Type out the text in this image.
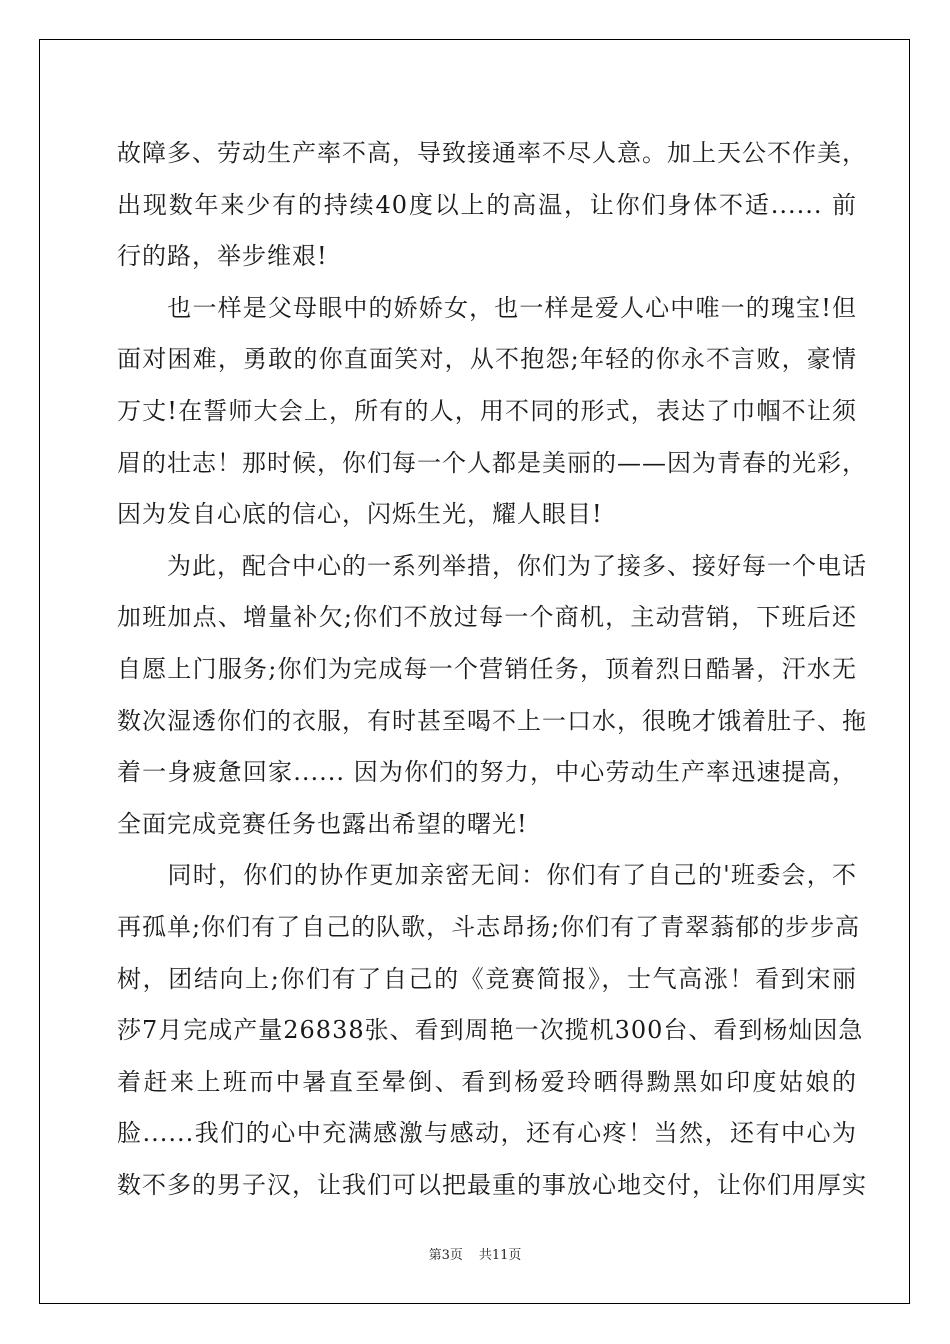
故障多、劳动生产率不高，导致接通率不尽人意。加上天公不作美，
出现数年来少有的持续40度以上的高温，让你们身体不适...... 前
行的路，举步维艰!
　　也一样是父母眼中的娇娇女，也一样是爱人心中唯一的瑰宝!但
面对困难，勇敢的你直面笑对，从不抱怨;年轻的你永不言败，豪情
万丈!在誓师大会上，所有的人，用不同的形式，表达了巾帼不让须
眉的壮志！那时候，你们每一个人都是美丽的——因为青春的光彩，
因为发自心底的信心，闪烁生光，耀人眼目!
　　为此，配合中心的一系列举措，你们为了接多、接好每一个电话
加班加点、增量补欠;你们不放过每一个商机，主动营销，下班后还
自愿上门服务;你们为完成每一个营销任务，顶着烈日酷暑，汗水无
数次湿透你们的衣服，有时甚至喝不上一口水，很晚才饿着肚子、拖
着一身疲惫回家...... 因为你们的努力，中心劳动生产率迅速提高，
全面完成竞赛任务也露出希望的曙光!
　　同时，你们的协作更加亲密无间：你们有了自己的'班委会，不
再孤单;你们有了自己的队歌，斗志昂扬;你们有了青翠蓊郁的步步高
树，团结向上;你们有了自己的《竞赛简报》，士气高涨！看到宋丽
莎7月完成产量26838张、看到周艳一次揽机300台、看到杨灿因急
着赶来上班而中暑直至晕倒、看到杨爱玲晒得黝黑如印度姑娘的
脸......我们的心中充满感激与感动，还有心疼！当然，还有中心为
数不多的男子汉，让我们可以把最重的事放心地交付，让你们用厚实
第3页 共11页
